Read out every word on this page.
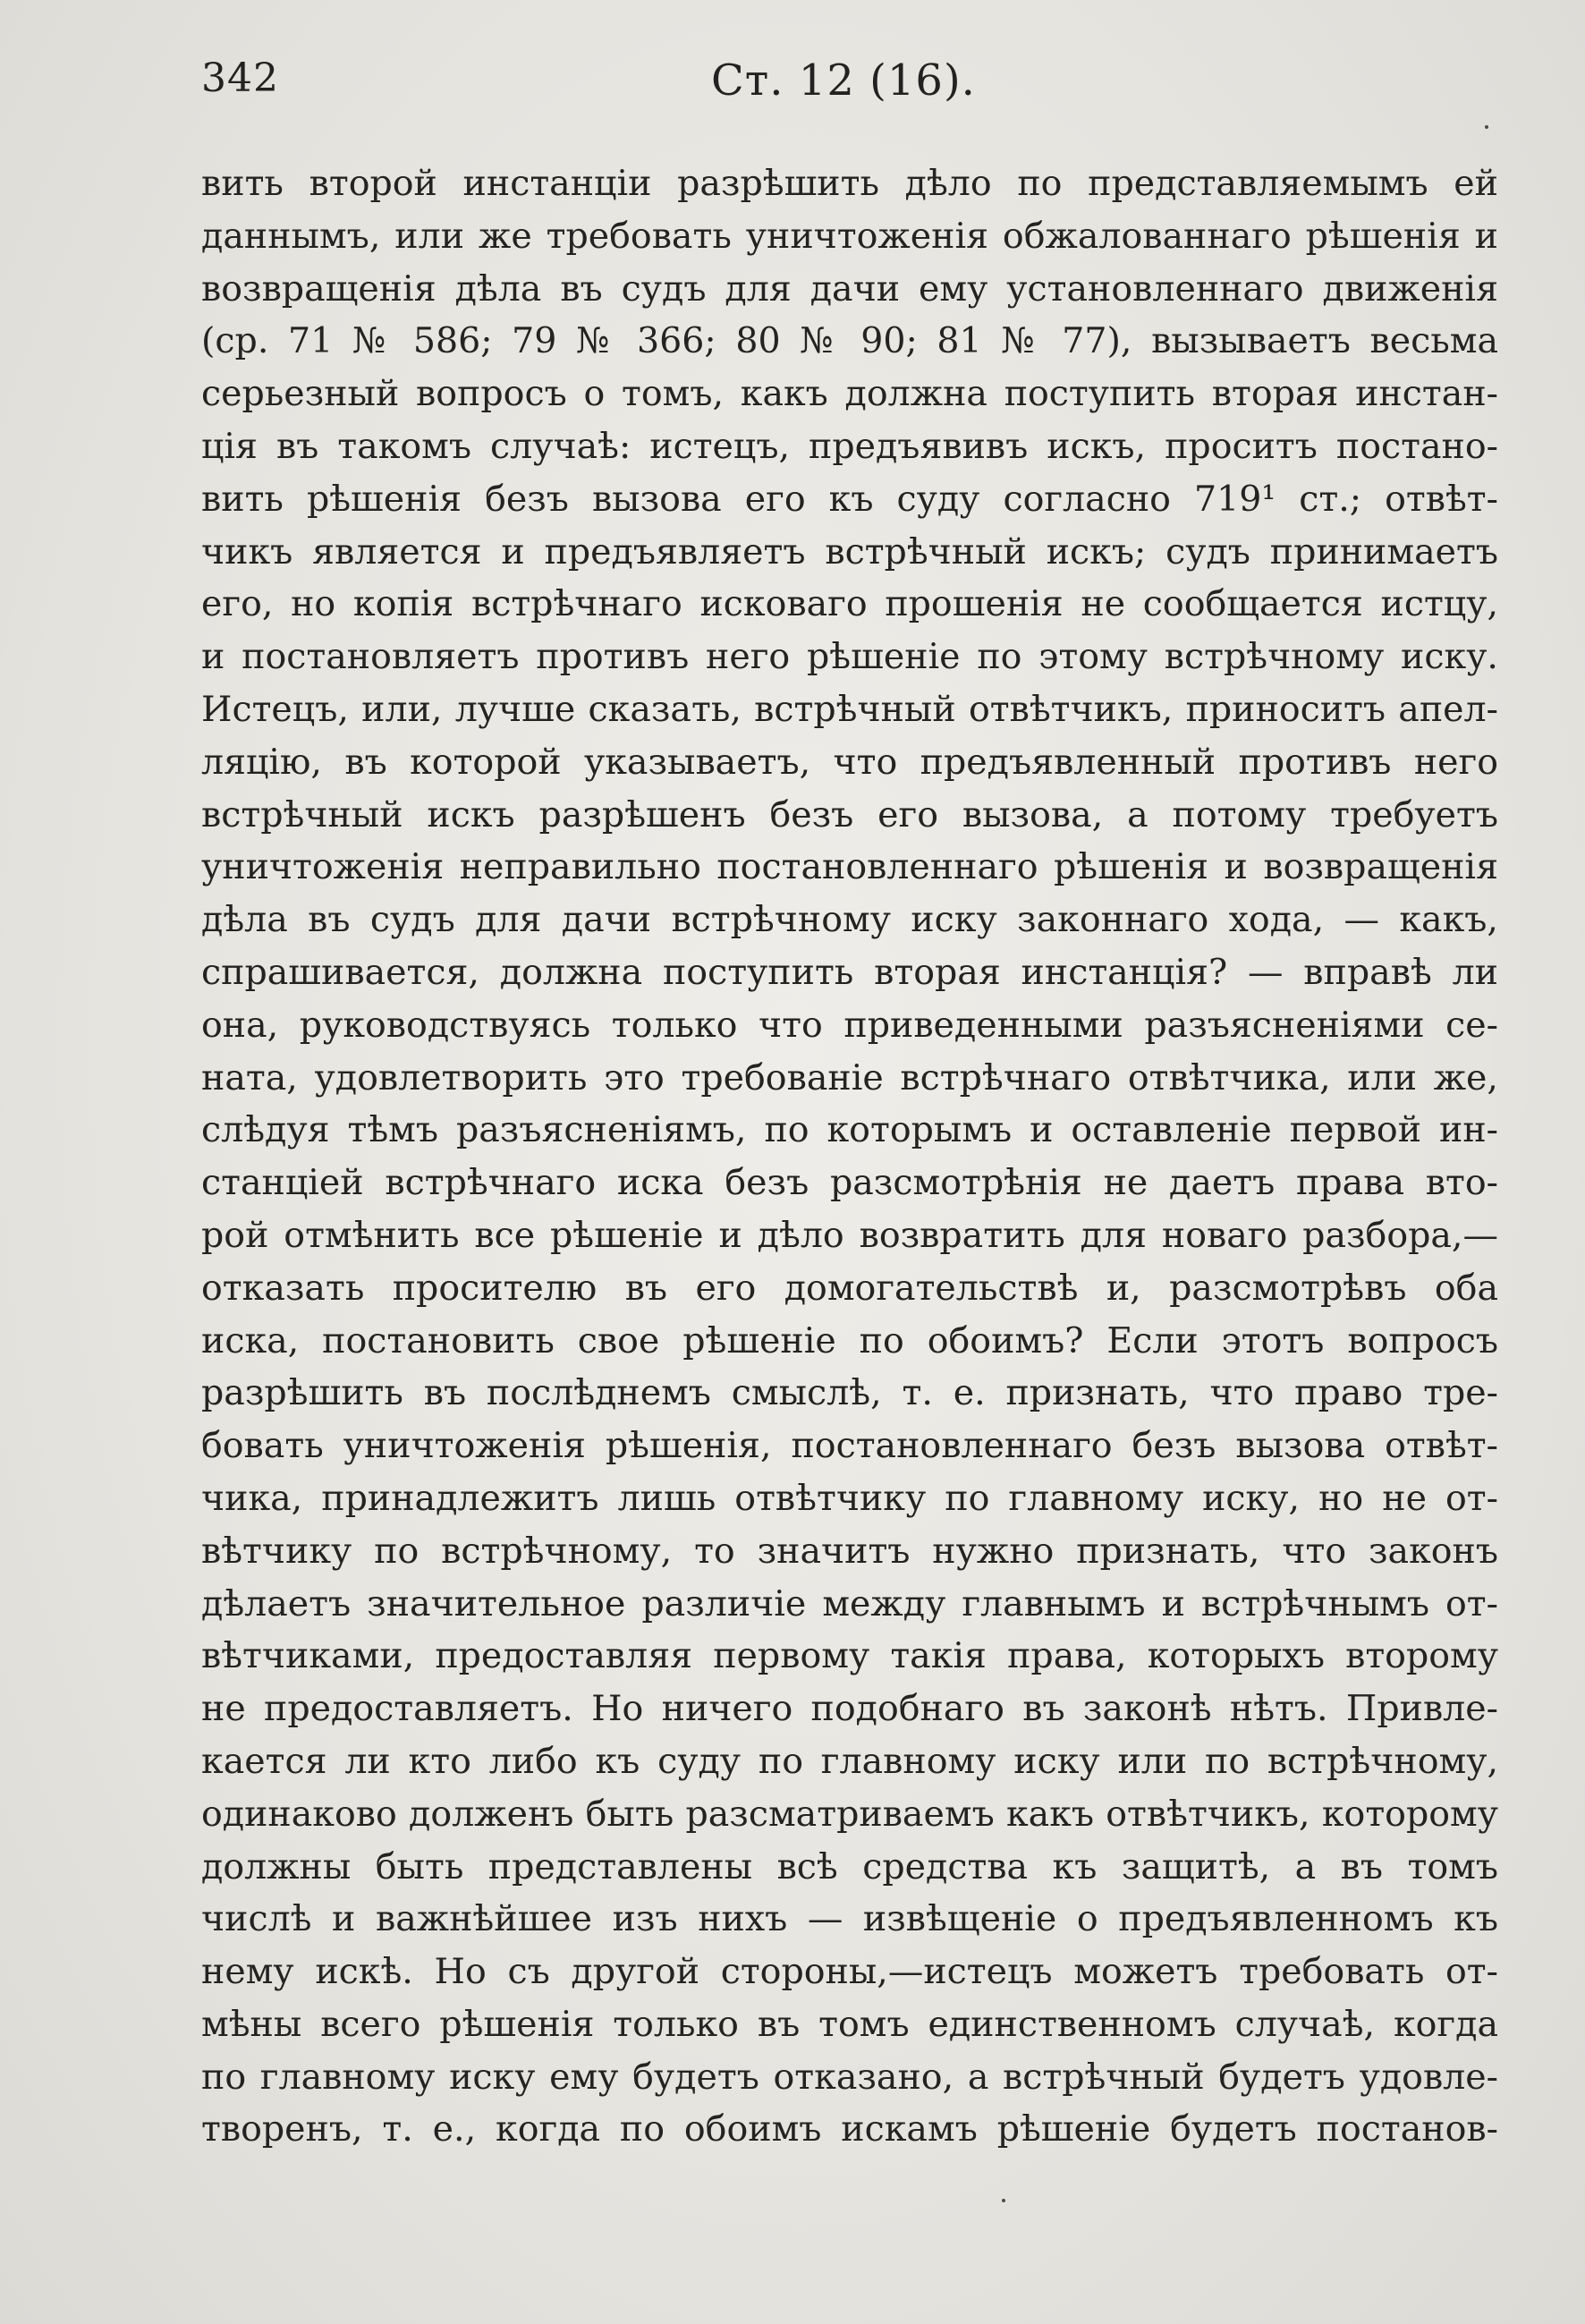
342	Ст. 12 (16).
вить второй инстанціи разрѣшить дѣло по представляемымъ ей
даннымъ, или же требовать уничтоженія обжалованнаго рѣшенія и
возвращенія дѣла въ судъ для дачи ему установленнаго движенія
(ср. 71 № 586; 79 № 366; 80 № 90; 81 № 77), вызываетъ весьма
серьезный вопросъ о томъ, какъ должна поступить вторая инстан-
ція въ такомъ случаѣ: истецъ, предъявивъ искъ, проситъ постано-
вить рѣшенія безъ вызова его къ суду согласно 719¹ ст.; отвѣт-
чикъ является и предъявляетъ встрѣчный искъ; судъ принимаетъ
его, но копія встрѣчнаго исковаго прошенія не сообщается истцу,
и постановляетъ противъ него рѣшеніе по этому встрѣчному иску.
Истецъ, или, лучше сказать, встрѣчный отвѣтчикъ, приноситъ апел-
ляцію, въ которой указываетъ, что предъявленный противъ него
встрѣчный искъ разрѣшенъ безъ его вызова, а потому требуетъ
уничтоженія неправильно постановленнаго рѣшенія и возвращенія
дѣла въ судъ для дачи встрѣчному иску законнаго хода, — какъ,
спрашивается, должна поступить вторая инстанція? — вправѣ ли
она, руководствуясь только что приведенными разъясненіями се-
ната, удовлетворить это требованіе встрѣчнаго отвѣтчика, или же,
слѣдуя тѣмъ разъясненіямъ, по которымъ и оставленіе первой ин-
станціей встрѣчнаго иска безъ разсмотрѣнія не даетъ права вто-
рой отмѣнить все рѣшеніе и дѣло возвратить для новаго разбора,—
отказать просителю въ его домогательствѣ и, разсмотрѣвъ оба
иска, постановить свое рѣшеніе по обоимъ? Если этотъ вопросъ
разрѣшить въ послѣднемъ смыслѣ, т. е. признать, что право тре-
бовать уничтоженія рѣшенія, постановленнаго безъ вызова отвѣт-
чика, принадлежитъ лишь отвѣтчику по главному иску, но не от-
вѣтчику по встрѣчному, то значитъ нужно признать, что законъ
дѣлаетъ значительное различіе между главнымъ и встрѣчнымъ от-
вѣтчиками, предоставляя первому такія права, которыхъ второму
не предоставляетъ. Но ничего подобнаго въ законѣ нѣтъ. Привле-
кается ли кто либо къ суду по главному иску или по встрѣчному,
одинаково долженъ быть разсматриваемъ какъ отвѣтчикъ, которому
должны быть представлены всѣ средства къ защитѣ, а въ томъ
числѣ и важнѣйшее изъ нихъ — извѣщеніе о предъявленномъ къ
нему искѣ. Но съ другой стороны,—истецъ можетъ требовать от-
мѣны всего рѣшенія только въ томъ единственномъ случаѣ, когда
по главному иску ему будетъ отказано, а встрѣчный будетъ удовле-
творенъ, т. е., когда по обоимъ искамъ рѣшеніе будетъ постанов-
